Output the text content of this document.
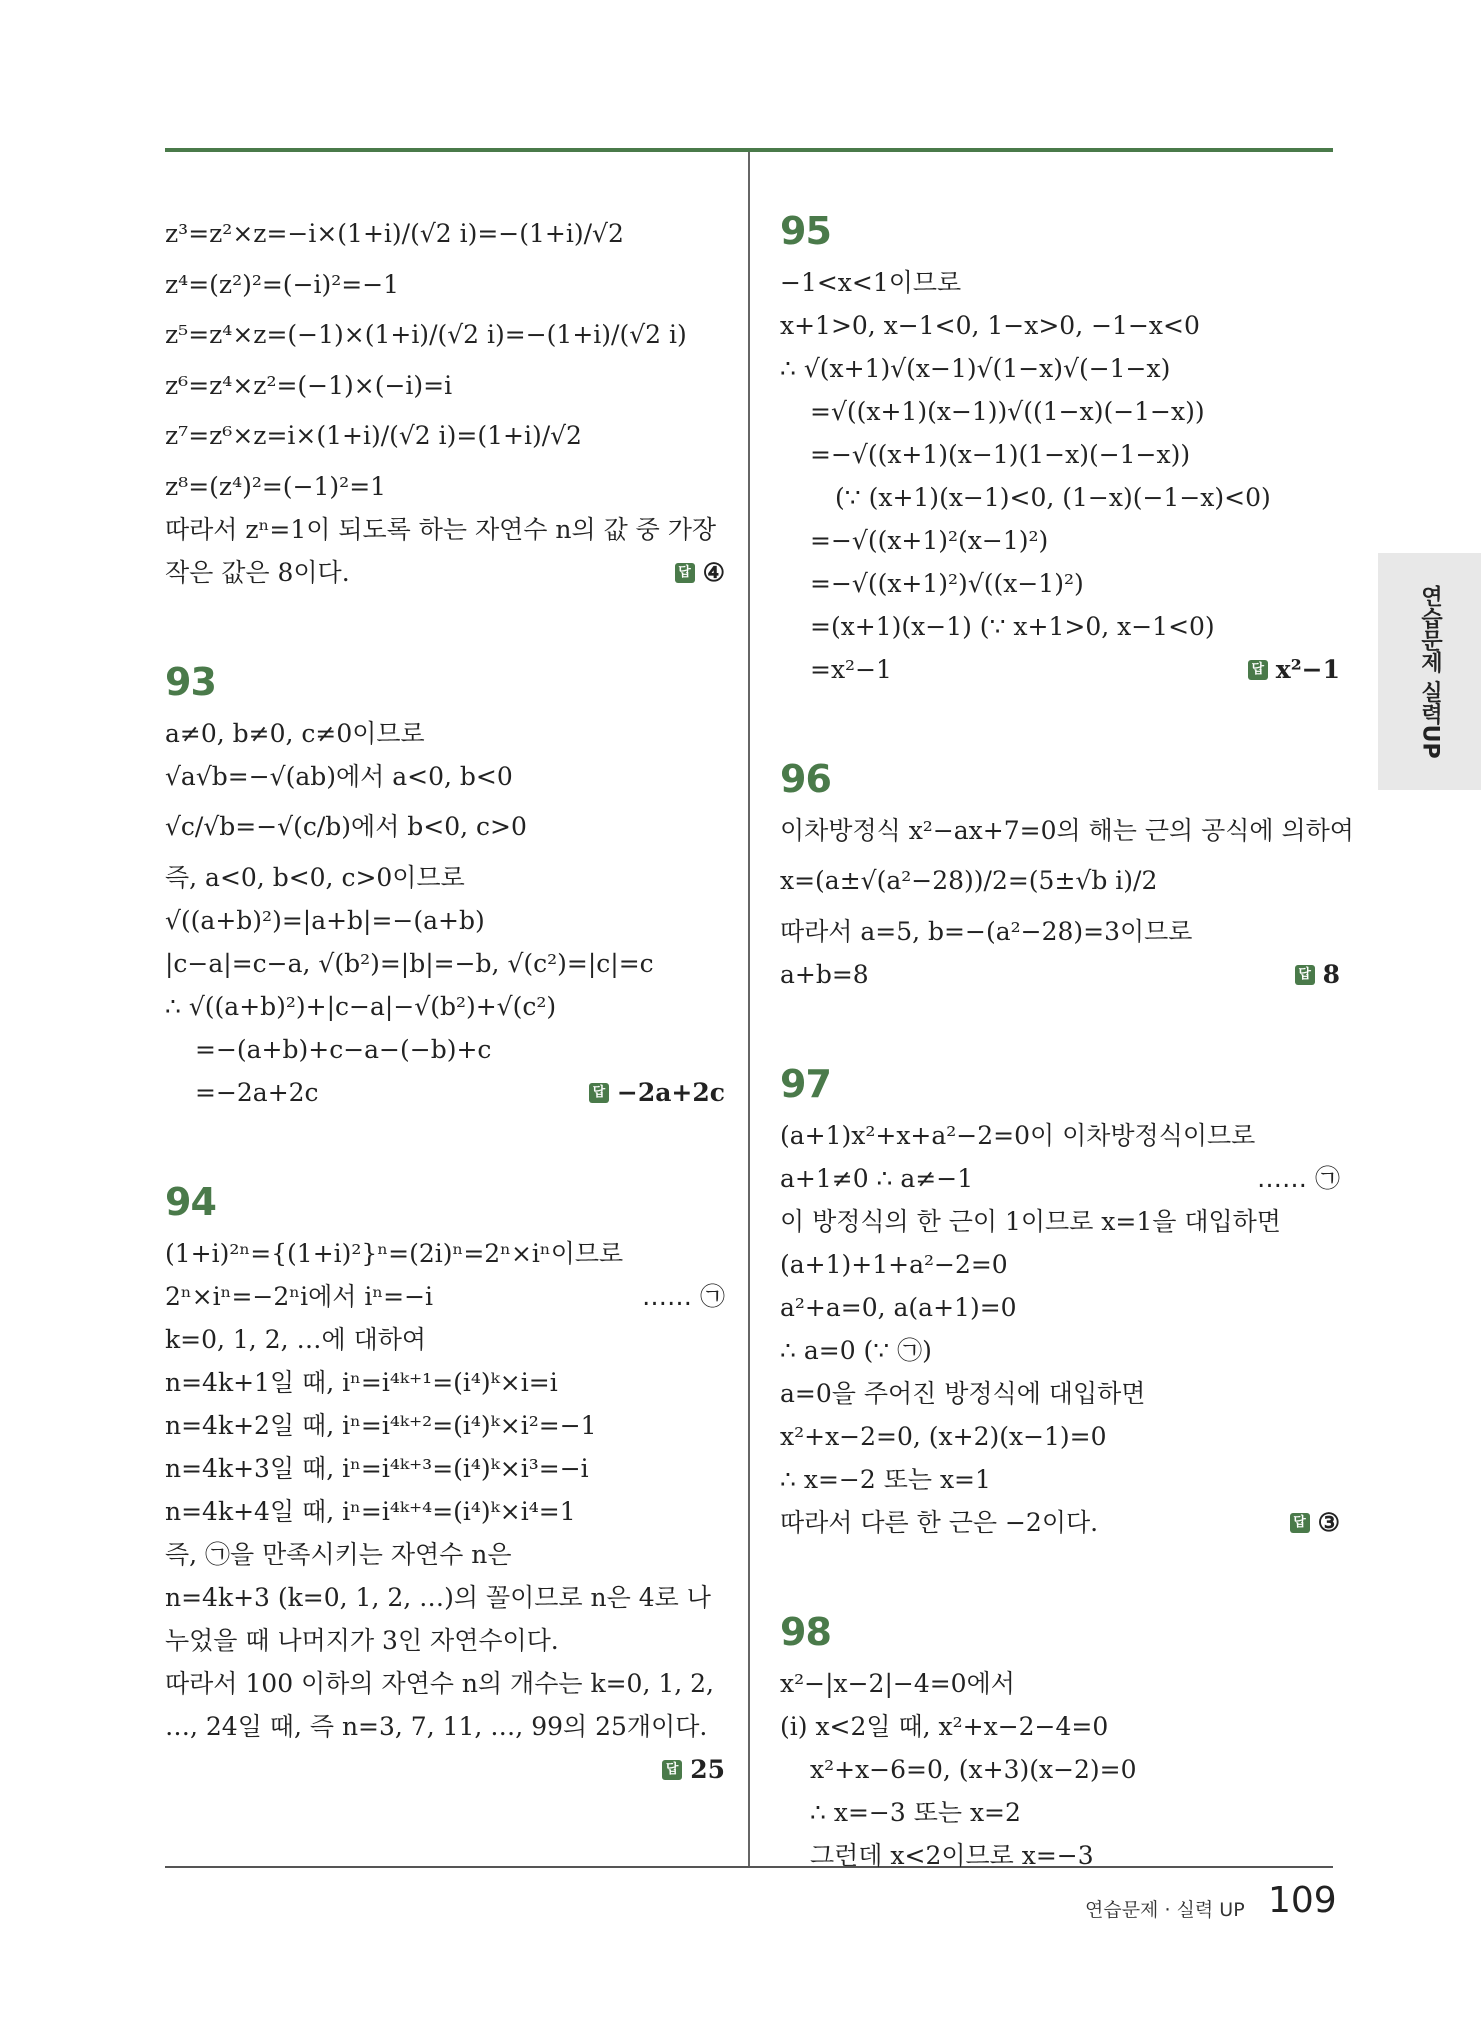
z³=z²×z=−i×(1+i)/(√2 i)=−(1+i)/√2
z⁴=(z²)²=(−i)²=−1
z⁵=z⁴×z=(−1)×(1+i)/(√2 i)=−(1+i)/(√2 i)
z⁶=z⁴×z²=(−1)×(−i)=i
z⁷=z⁶×z=i×(1+i)/(√2 i)=(1+i)/√2
z⁸=(z⁴)²=(−1)²=1
따라서 zⁿ=1이 되도록 하는 자연수 n의 값 중 가장
작은 값은 8이다.	답 ④
93
a≠0, b≠0, c≠0이므로
√a√b=−√(ab)에서 a<0, b<0
√c/√b=−√(c/b)에서 b<0, c>0
즉, a<0, b<0, c>0이므로
√((a+b)²)=|a+b|=−(a+b)
|c−a|=c−a, √(b²)=|b|=−b, √(c²)=|c|=c
∴ √((a+b)²)+|c−a|−√(b²)+√(c²)
=−(a+b)+c−a−(−b)+c
=−2a+2c	답 −2a+2c
94
(1+i)²ⁿ={(1+i)²}ⁿ=(2i)ⁿ=2ⁿ×iⁿ이므로
2ⁿ×iⁿ=−2ⁿi에서 iⁿ=−i	…… ㉠
k=0, 1, 2, …에 대하여
n=4k+1일 때, iⁿ=i⁴ᵏ⁺¹=(i⁴)ᵏ×i=i
n=4k+2일 때, iⁿ=i⁴ᵏ⁺²=(i⁴)ᵏ×i²=−1
n=4k+3일 때, iⁿ=i⁴ᵏ⁺³=(i⁴)ᵏ×i³=−i
n=4k+4일 때, iⁿ=i⁴ᵏ⁺⁴=(i⁴)ᵏ×i⁴=1
즉, ㉠을 만족시키는 자연수 n은
n=4k+3 (k=0, 1, 2, …)의 꼴이므로 n은 4로 나
누었을 때 나머지가 3인 자연수이다.
따라서 100 이하의 자연수 n의 개수는 k=0, 1, 2,
…, 24일 때, 즉 n=3, 7, 11, …, 99의 25개이다.
답 25
95
−1<x<1이므로
x+1>0, x−1<0, 1−x>0, −1−x<0
∴ √(x+1)√(x−1)√(1−x)√(−1−x)
=√((x+1)(x−1))√((1−x)(−1−x))
=−√((x+1)(x−1)(1−x)(−1−x))
(∵ (x+1)(x−1)<0, (1−x)(−1−x)<0)
=−√((x+1)²(x−1)²)
=−√((x+1)²)√((x−1)²)
=(x+1)(x−1) (∵ x+1>0, x−1<0)
=x²−1	답 x²−1
96
이차방정식 x²−ax+7=0의 해는 근의 공식에 의하여
x=(a±√(a²−28))/2=(5±√b i)/2
따라서 a=5, b=−(a²−28)=3이므로
a+b=8	답 8
97
(a+1)x²+x+a²−2=0이 이차방정식이므로
a+1≠0 ∴ a≠−1	…… ㉠
이 방정식의 한 근이 1이므로 x=1을 대입하면
(a+1)+1+a²−2=0
a²+a=0, a(a+1)=0
∴ a=0 (∵ ㉠)
a=0을 주어진 방정식에 대입하면
x²+x−2=0, (x+2)(x−1)=0
∴ x=−2 또는 x=1
따라서 다른 한 근은 −2이다.	답 ③
98
x²−|x−2|−4=0에서
(i) x<2일 때, x²+x−2−4=0
x²+x−6=0, (x+3)(x−2)=0
∴ x=−3 또는 x=2
그런데 x<2이므로 x=−3
연습문제 실력UP
연습문제 · 실력 UP 109
